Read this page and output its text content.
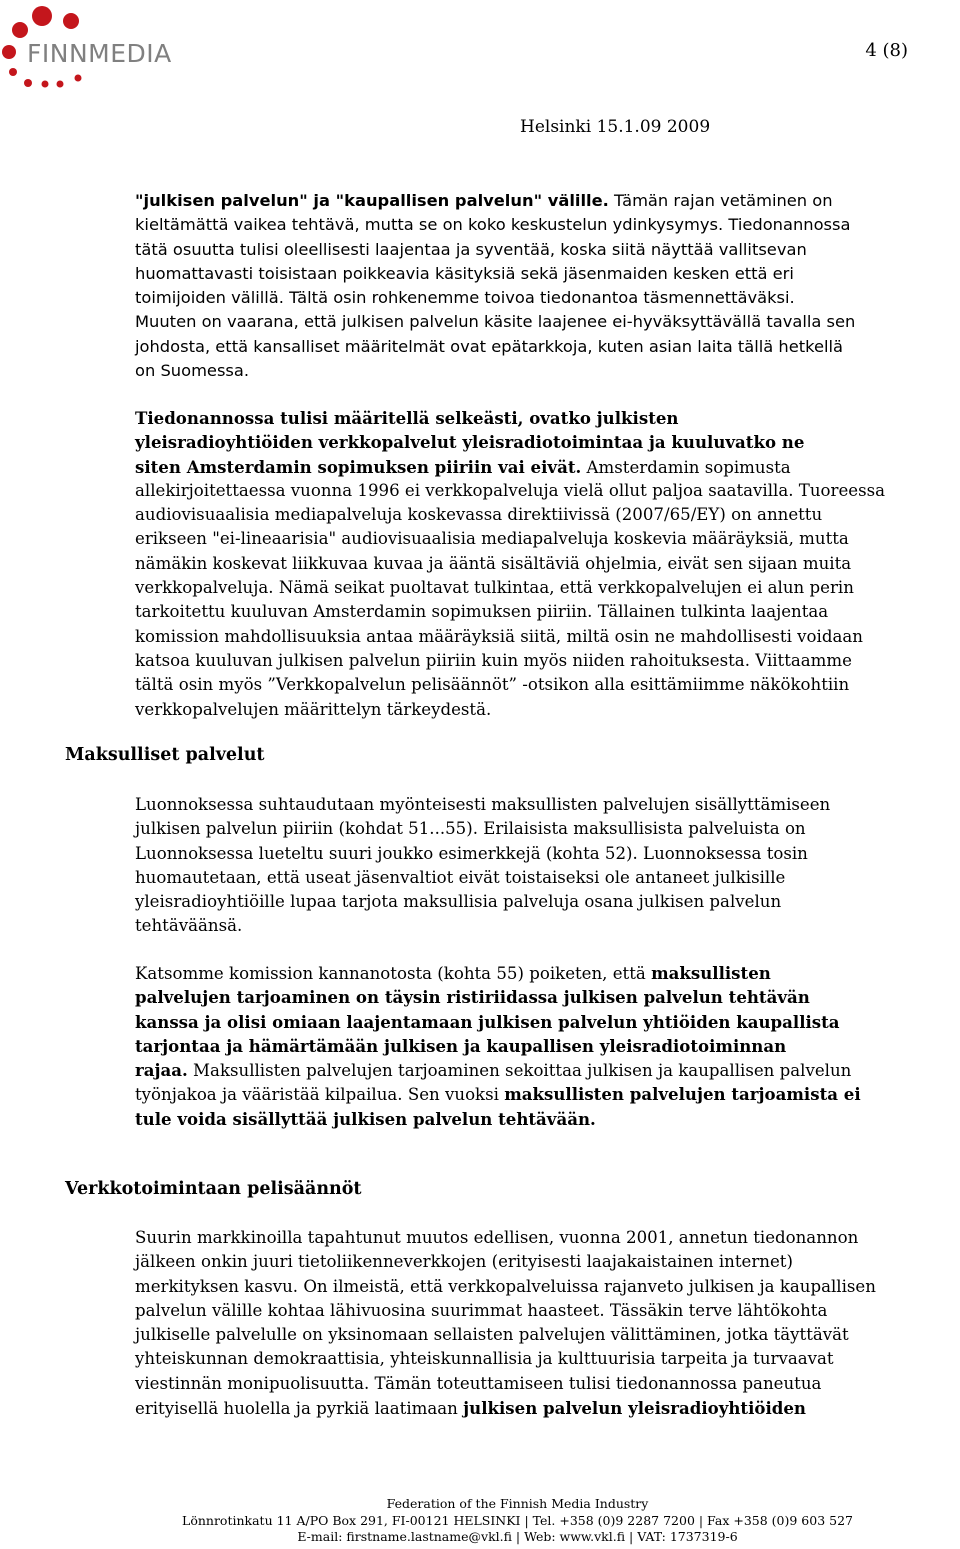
FINNMEDIA	4 (8)
Helsinki 15.1.09 2009
"julkisen palvelun" ja "kaupallisen palvelun" välille. Tämän rajan vetäminen on
kieltämättä vaikea tehtävä, mutta se on koko keskustelun ydinkysymys. Tiedonannossa
tätä osuutta tulisi oleellisesti laajentaa ja syventää, koska siitä näyttää vallitsevan
huomattavasti toisistaan poikkeavia käsityksiä sekä jäsenmaiden kesken että eri
toimijoiden välillä. Tältä osin rohkenemme toivoa tiedonantoa täsmennettäväksi.
Muuten on vaarana, että julkisen palvelun käsite laajenee ei-hyväksyttävällä tavalla sen
johdosta, että kansalliset määritelmät ovat epätarkkoja, kuten asian laita tällä hetkellä
on Suomessa.
Tiedonannossa tulisi määritellä selkeästi, ovatko julkisten
yleisradioyhtiöiden verkkopalvelut yleisradiotoimintaa ja kuuluvatko ne
siten Amsterdamin sopimuksen piiriin vai eivät. Amsterdamin sopimusta
allekirjoitettaessa vuonna 1996 ei verkkopalveluja vielä ollut paljoa saatavilla. Tuoreessa
audiovisuaalisia mediapalveluja koskevassa direktiivissä (2007/65/EY) on annettu
erikseen "ei-lineaarisia" audiovisuaalisia mediapalveluja koskevia määräyksiä, mutta
nämäkin koskevat liikkuvaa kuvaa ja ääntä sisältäviä ohjelmia, eivät sen sijaan muita
verkkopalveluja. Nämä seikat puoltavat tulkintaa, että verkkopalvelujen ei alun perin
tarkoitettu kuuluvan Amsterdamin sopimuksen piiriin. Tällainen tulkinta laajentaa
komission mahdollisuuksia antaa määräyksiä siitä, miltä osin ne mahdollisesti voidaan
katsoa kuuluvan julkisen palvelun piiriin kuin myös niiden rahoituksesta. Viittaamme
tältä osin myös ”Verkkopalvelun pelisäännöt” -otsikon alla esittämiimme näkökohtiin
verkkopalvelujen määrittelyn tärkeydestä.
Maksulliset palvelut
Luonnoksessa suhtaudutaan myönteisesti maksullisten palvelujen sisällyttämiseen
julkisen palvelun piiriin (kohdat 51...55). Erilaisista maksullisista palveluista on
Luonnoksessa lueteltu suuri joukko esimerkkejä (kohta 52). Luonnoksessa tosin
huomautetaan, että useat jäsenvaltiot eivät toistaiseksi ole antaneet julkisille
yleisradioyhtiöille lupaa tarjota maksullisia palveluja osana julkisen palvelun
tehtäväänsä.
Katsomme komission kannanotosta (kohta 55) poiketen, että maksullisten
palvelujen tarjoaminen on täysin ristiriidassa julkisen palvelun tehtävän
kanssa ja olisi omiaan laajentamaan julkisen palvelun yhtiöiden kaupallista
tarjontaa ja hämärtämään julkisen ja kaupallisen yleisradiotoiminnan
rajaa. Maksullisten palvelujen tarjoaminen sekoittaa julkisen ja kaupallisen palvelun
työnjakoa ja vääristää kilpailua. Sen vuoksi maksullisten palvelujen tarjoamista ei
tule voida sisällyttää julkisen palvelun tehtävään.
Verkkotoimintaan pelisäännöt
Suurin markkinoilla tapahtunut muutos edellisen, vuonna 2001, annetun tiedonannon
jälkeen onkin juuri tietoliikenneverkkojen (erityisesti laajakaistainen internet)
merkityksen kasvu. On ilmeistä, että verkkopalveluissa rajanveto julkisen ja kaupallisen
palvelun välille kohtaa lähivuosina suurimmat haasteet. Tässäkin terve lähtökohta
julkiselle palvelulle on yksinomaan sellaisten palvelujen välittäminen, jotka täyttävät
yhteiskunnan demokraattisia, yhteiskunnallisia ja kulttuurisia tarpeita ja turvaavat
viestinnän monipuolisuutta. Tämän toteuttamiseen tulisi tiedonannossa paneutua
erityisellä huolella ja pyrkiä laatimaan julkisen palvelun yleisradioyhtiöiden
Federation of the Finnish Media Industry
Lönnrotinkatu 11 A/PO Box 291, FI-00121 HELSINKI | Tel. +358 (0)9 2287 7200 | Fax +358 (0)9 603 527
E-mail: firstname.lastname@vkl.fi | Web: www.vkl.fi | VAT: 1737319-6
